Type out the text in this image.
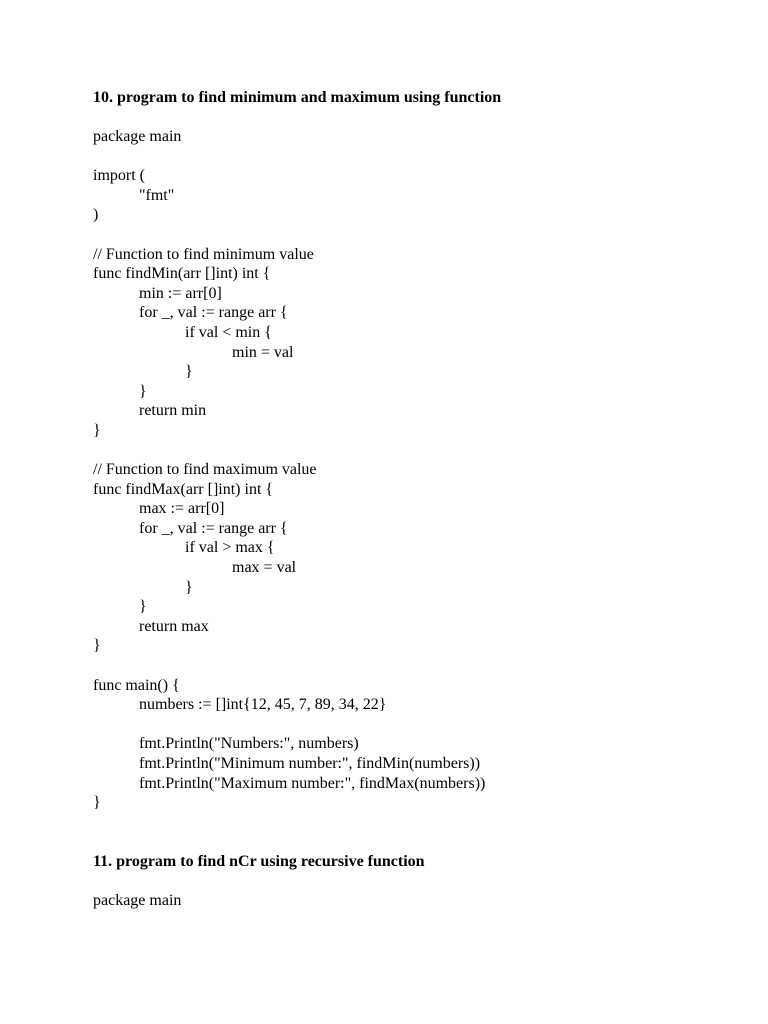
10. program to find minimum and maximum using function
package main
import (
"fmt"
)
// Function to find minimum value
func findMin(arr []int) int {
min := arr[0]
for _, val := range arr {
if val < min {
min = val
}
}
return min
}
// Function to find maximum value
func findMax(arr []int) int {
max := arr[0]
for _, val := range arr {
if val > max {
max = val
}
}
return max
}
func main() {
numbers := []int{12, 45, 7, 89, 34, 22}
fmt.Println("Numbers:", numbers)
fmt.Println("Minimum number:", findMin(numbers))
fmt.Println("Maximum number:", findMax(numbers))
}
11. program to find nCr using recursive function
package main
